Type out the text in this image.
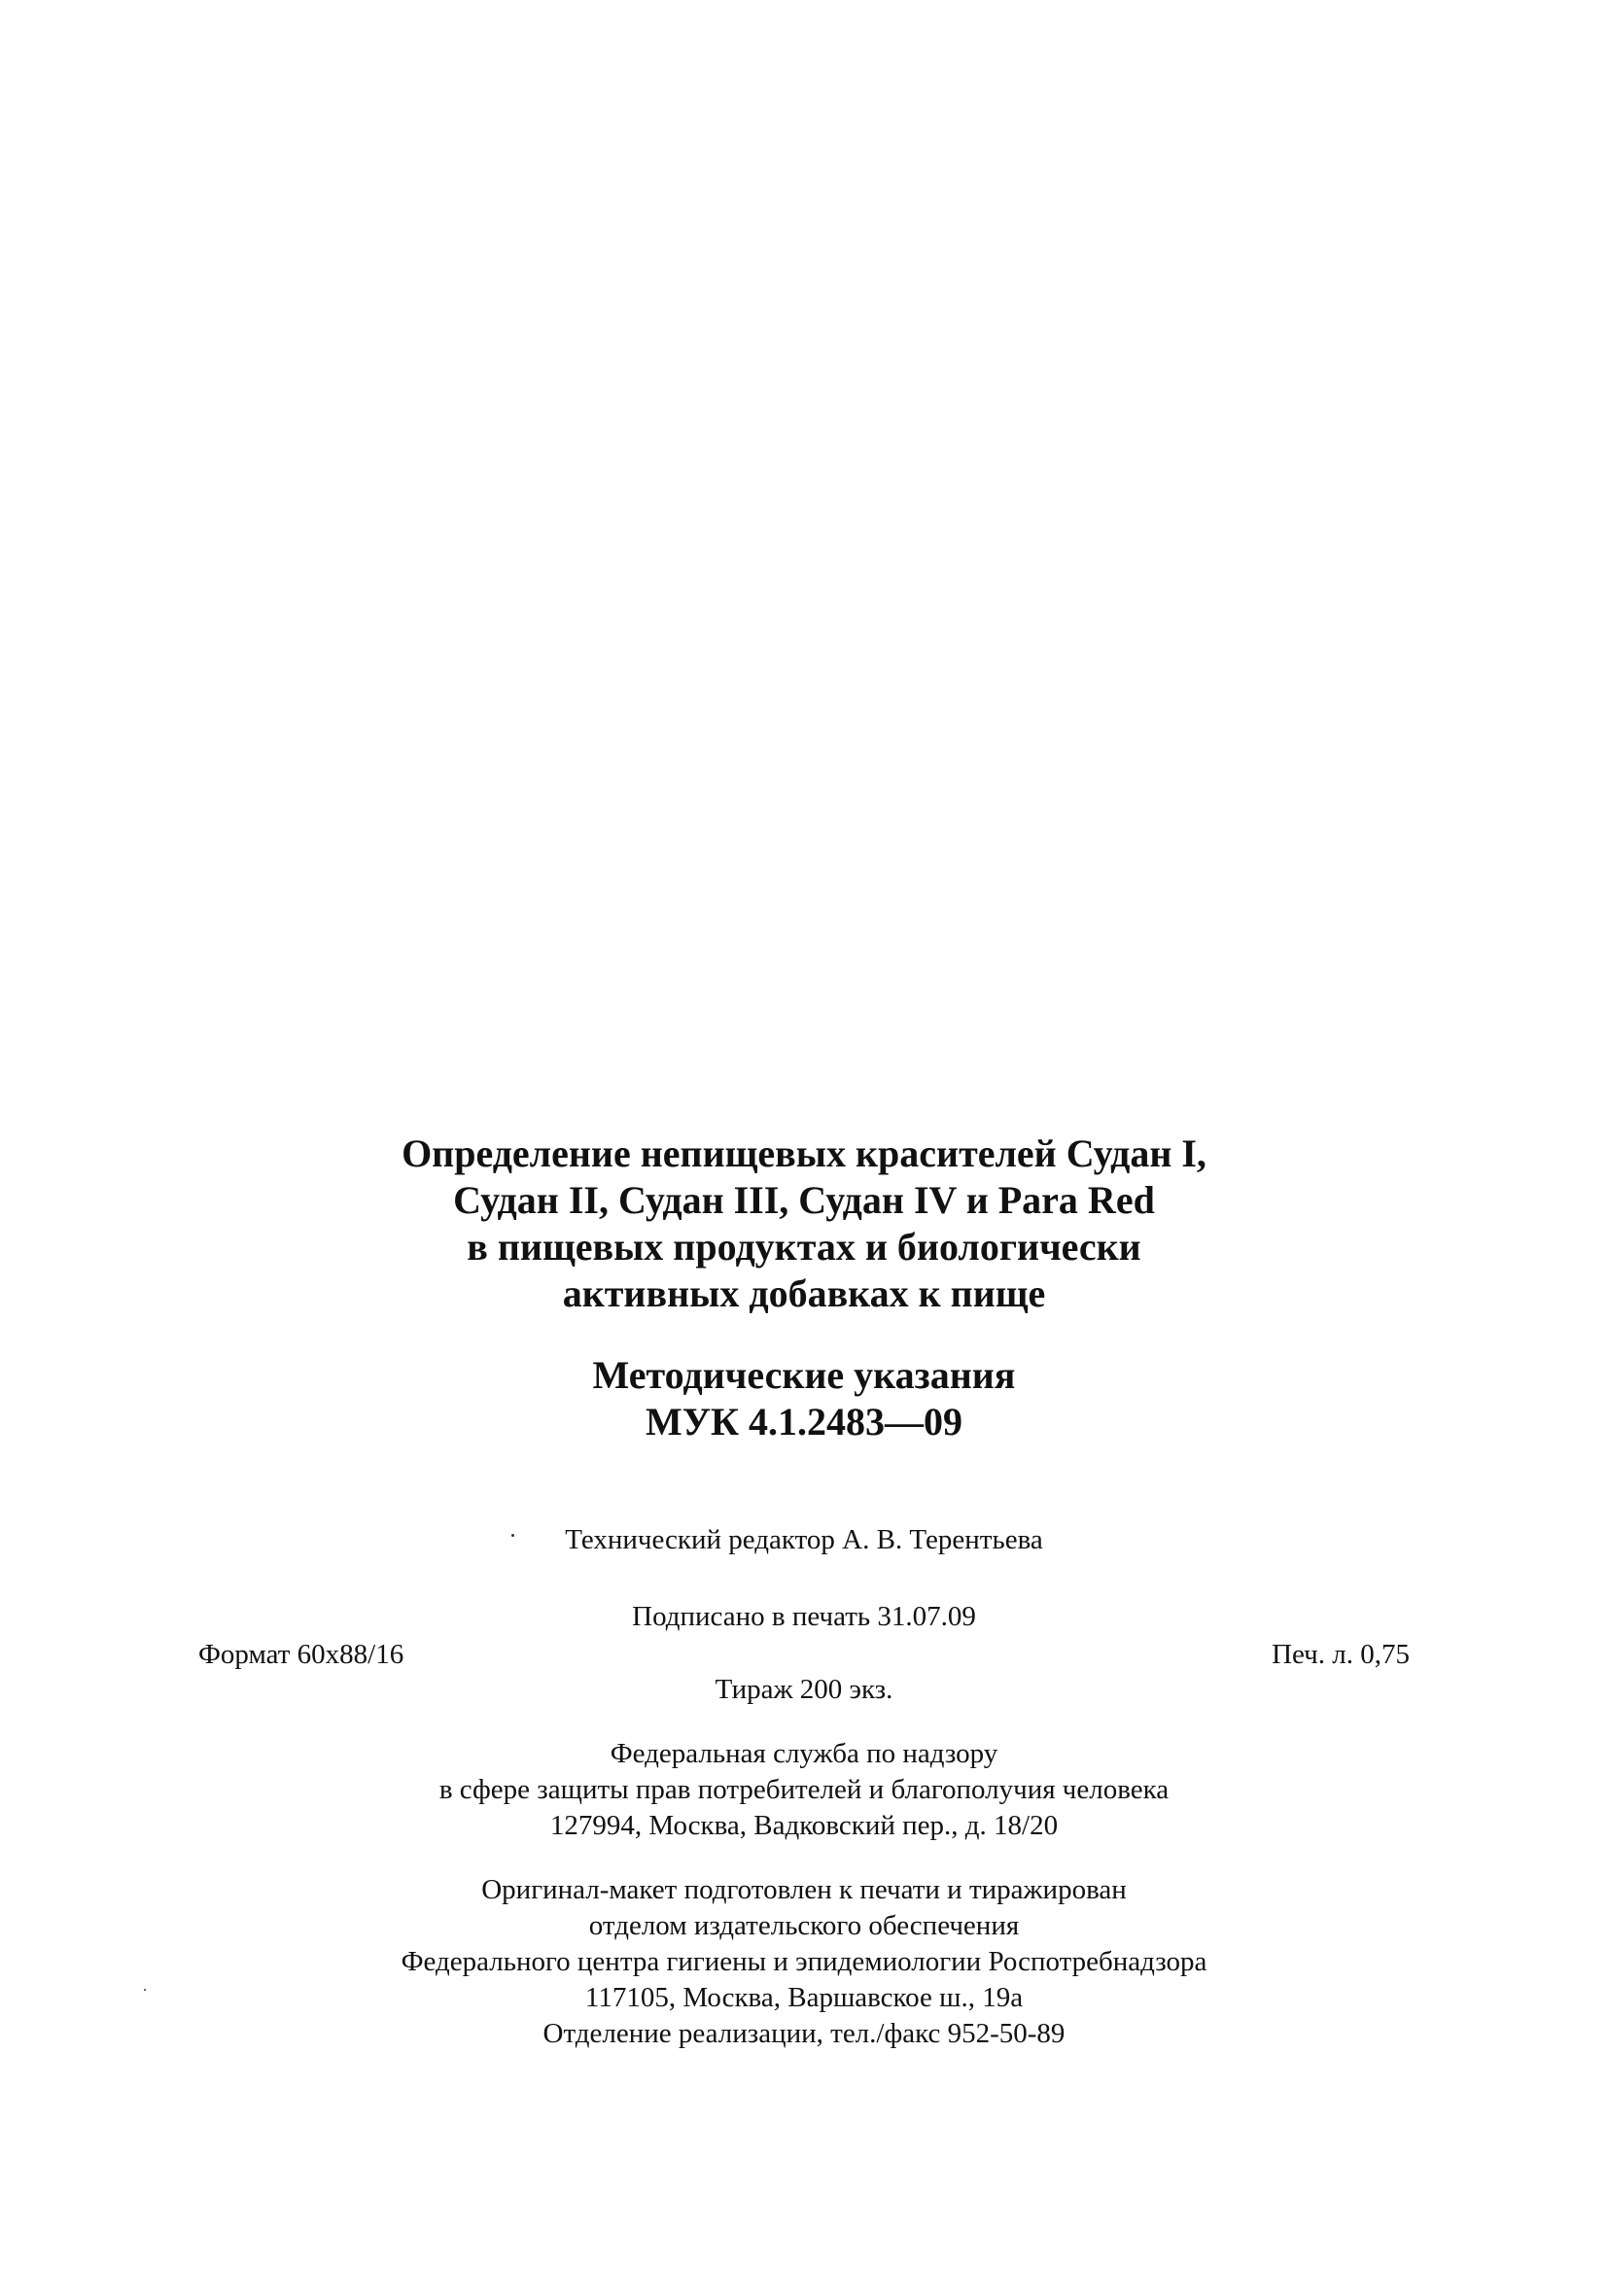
Определение непищевых красителей Судан I,
Судан II, Судан III, Судан IV и Para Red
в пищевых продуктах и биологически
активных добавках к пище
Методические указания
МУК 4.1.2483—09
Технический редактор А. В. Терентьева
Подписано в печать 31.07.09
Формат 60x88/16	Печ. л. 0,75
Тираж 200 экз.
Федеральная служба по надзору
в сфере защиты прав потребителей и благополучия человека
127994, Москва, Вадковский пер., д. 18/20
Оригинал-макет подготовлен к печати и тиражирован
отделом издательского обеспечения
Федерального центра гигиены и эпидемиологии Роспотребнадзора
117105, Москва, Варшавское ш., 19а
Отделение реализации, тел./факс 952-50-89
